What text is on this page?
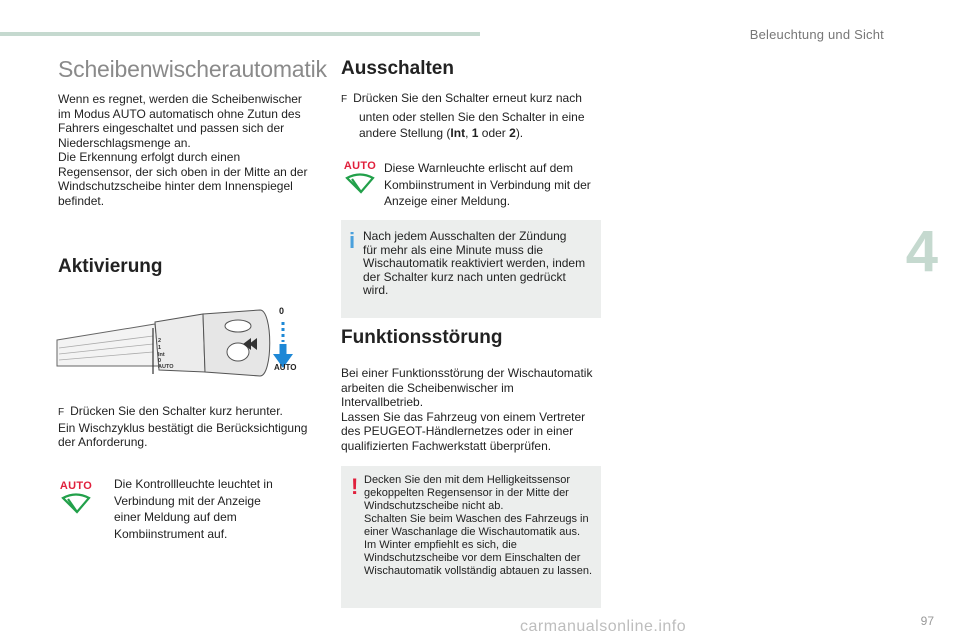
Beleuchtung und Sicht
4
97
carmanualsonline.info
Scheibenwischerautomatik

Wenn es regnet, werden die Scheibenwischer
im Modus AUTO automatisch ohne Zutun des
Fahrers eingeschaltet und passen sich der
Niederschlagsmenge an.
Die Erkennung erfolgt durch einen
Regensensor, der sich oben in der Mitte an der
Windschutzscheibe hinter dem Innenspiegel
befindet.

Aktivierung
2
1
Int
0
AUTO
0
AUTO

F Drücken Sie den Schalter kurz herunter.
Ein Wischzyklus bestätigt die Berücksichtigung
der Anforderung.

AUTO Die Kontrollleuchte leuchtet in
Verbindung mit der Anzeige
einer Meldung auf dem
Kombiinstrument auf.

Ausschalten

F Drücken Sie den Schalter erneut kurz nach
unten oder stellen Sie den Schalter in eine
andere Stellung (Int, 1 oder 2).

AUTO Diese Warnleuchte erlischt auf dem
Kombiinstrument in Verbindung mit der
Anzeige einer Meldung.

i Nach jedem Ausschalten der Zündung
für mehr als eine Minute muss die
Wischautomatik reaktiviert werden, indem
der Schalter kurz nach unten gedrückt
wird.
Funktionsstörung

Bei einer Funktionsstörung der Wischautomatik
arbeiten die Scheibenwischer im
Intervallbetrieb.
Lassen Sie das Fahrzeug von einem Vertreter
des PEUGEOT-Händlernetzes oder in einer
qualifizierten Fachwerkstatt überprüfen.

! Decken Sie den mit dem Helligkeitssensor
gekoppelten Regensensor in der Mitte der
Windschutzscheibe nicht ab.
Schalten Sie beim Waschen des Fahrzeugs in
einer Waschanlage die Wischautomatik aus.
Im Winter empfiehlt es sich, die
Windschutzscheibe vor dem Einschalten der
Wischautomatik vollständig abtauen zu lassen.
